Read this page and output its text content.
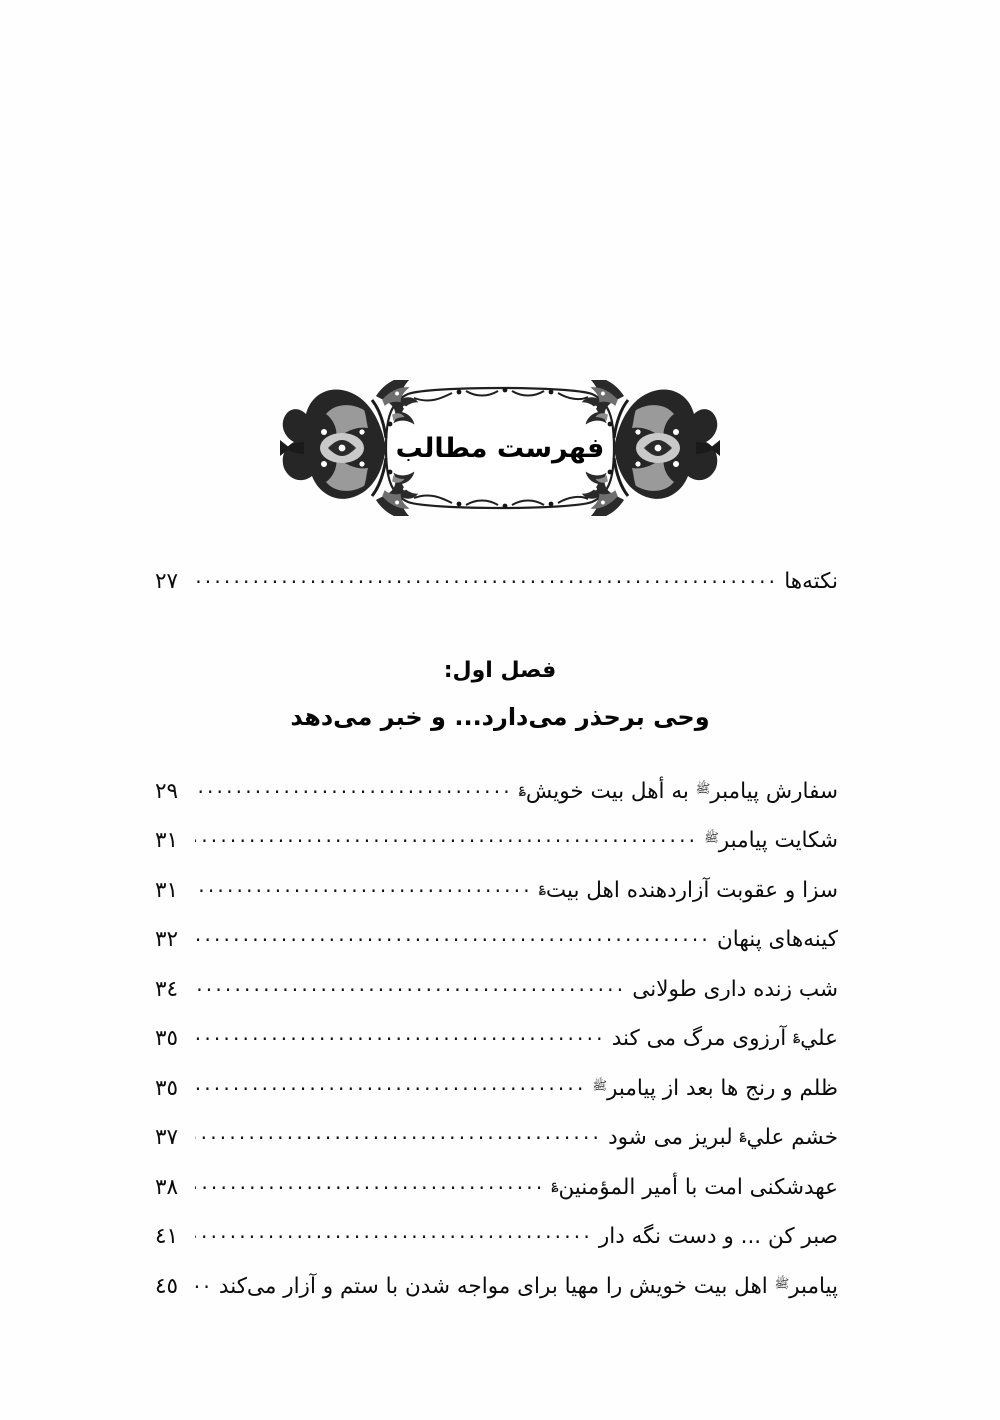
فهرست مطالب
نکته‌ها
.....
٢٧
فصل اول:
وحی برحذر می‌دارد... و خبر می‌دهد
سفارش پیامبر$^ﷺ$ به أهل بیت خویش؏
.....
٢٩
شکایت پیامبر$^ﷺ$
.....
٣١
سزا و عقوبت آزاردهنده اهل بیت؏
.....
٣١
کینه‌های پنهان
.....
٣٢
شب زنده داری طولانی
.....
٣٤
علي؏ آرزوی مرگ می کند
.....
٣٥
ظلم و رنج ها بعد از پیامبر$^ﷺ$
.....
٣٥
خشم علي؏ لبریز می شود
.....
٣٧
عهدشکنی امت با أمیر المؤمنین؏
.....
٣٨
صبر کن ... و دست نگه دار
.....
٤١
پیامبر$^ﷺ$ اهل بیت خویش را مهیا برای مواجه شدن با ستم و آزار می‌کند
.....
٤٥
